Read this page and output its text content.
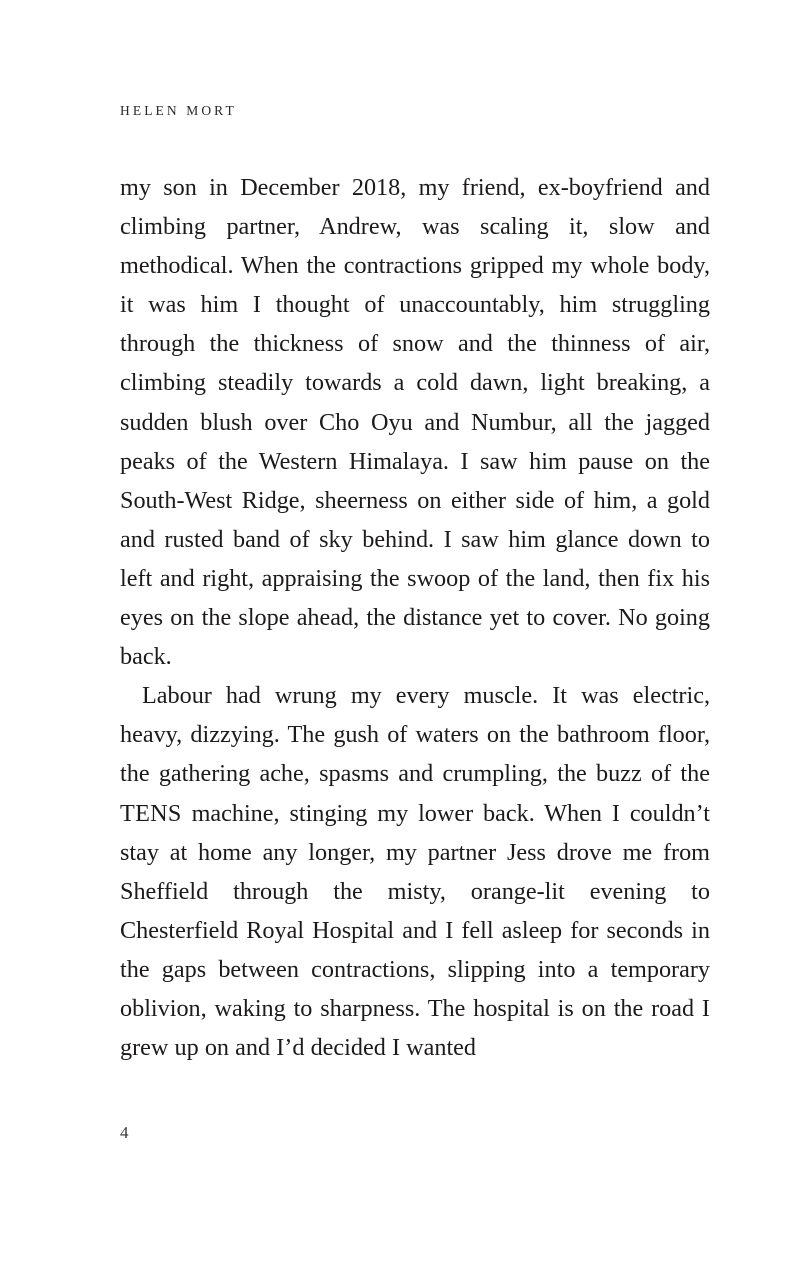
HELEN MORT

my son in December 2018, my friend, ex-boyfriend and climbing partner, Andrew, was scaling it, slow and methodical. When the contractions gripped my whole body, it was him I thought of unaccountably, him struggling through the thickness of snow and the thinness of air, climbing steadily towards a cold dawn, light breaking, a sudden blush over Cho Oyu and Numbur, all the jagged peaks of the Western Himalaya. I saw him pause on the South-West Ridge, sheerness on either side of him, a gold and rusted band of sky behind. I saw him glance down to left and right, appraising the swoop of the land, then fix his eyes on the slope ahead, the distance yet to cover. No going back.

Labour had wrung my every muscle. It was electric, heavy, dizzying. The gush of waters on the bathroom floor, the gathering ache, spasms and crumpling, the buzz of the TENS machine, stinging my lower back. When I couldn’t stay at home any longer, my partner Jess drove me from Sheffield through the misty, orange-lit evening to Chesterfield Royal Hospital and I fell asleep for seconds in the gaps between contractions, slipping into a temporary oblivion, waking to sharpness. The hospital is on the road I grew up on and I’d decided I wanted

4
